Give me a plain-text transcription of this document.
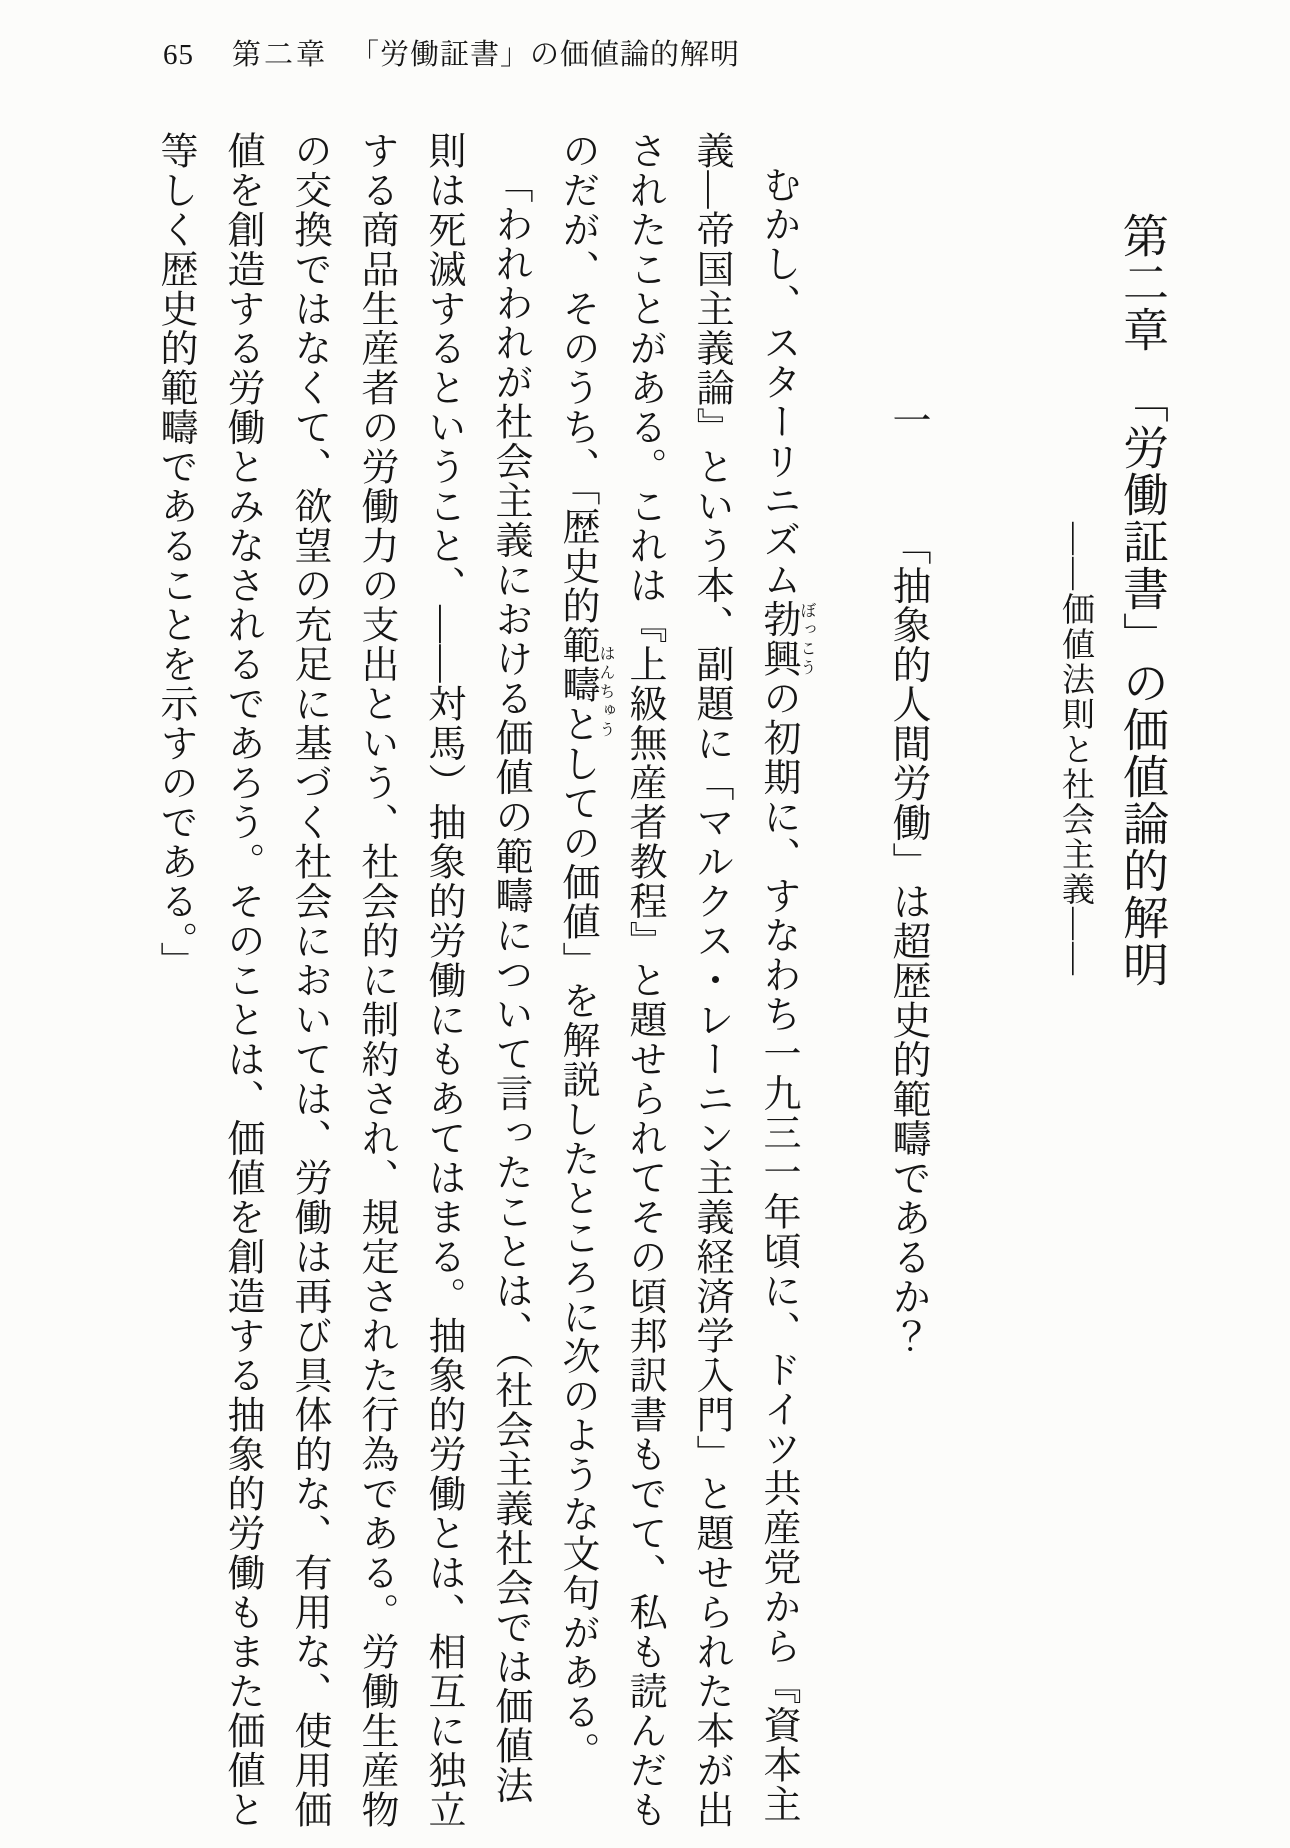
65 第二章 「労働証書」の価値論的解明
第二章　「労働証書」の価値論的解明
——価値法則と社会主義——
一「抽象的人間労働」は超歴史的範疇であるか？
むかし、スターリニズム勃興の初期に、すなわち一九三一年頃に、ドイツ共産党から『資本主
義—帝国主義論』という本、副題に「マルクス・レーニン主義経済学入門」と題せられた本が出
されたことがある。これは『上級無産者教程』と題せられてその頃邦訳書もでて、私も読んだも
のだが、そのうち、「歴史的範疇としての価値」を解説したところに次のような文句がある。
「われわれが社会主義における価値の範疇について言ったことは、（社会主義社会では価値法
則は死滅するということ、——対馬）抽象的労働にもあてはまる。抽象的労働とは、相互に独立
する商品生産者の労働力の支出という、社会的に制約され、規定された行為である。労働生産物
の交換ではなくて、欲望の充足に基づく社会においては、労働は再び具体的な、有用な、使用価
値を創造する労働とみなされるであろう。そのことは、価値を創造する抽象的労働もまた価値と
等しく歴史的範疇であることを示すのである。」	ぼっこう
はんちゅう
